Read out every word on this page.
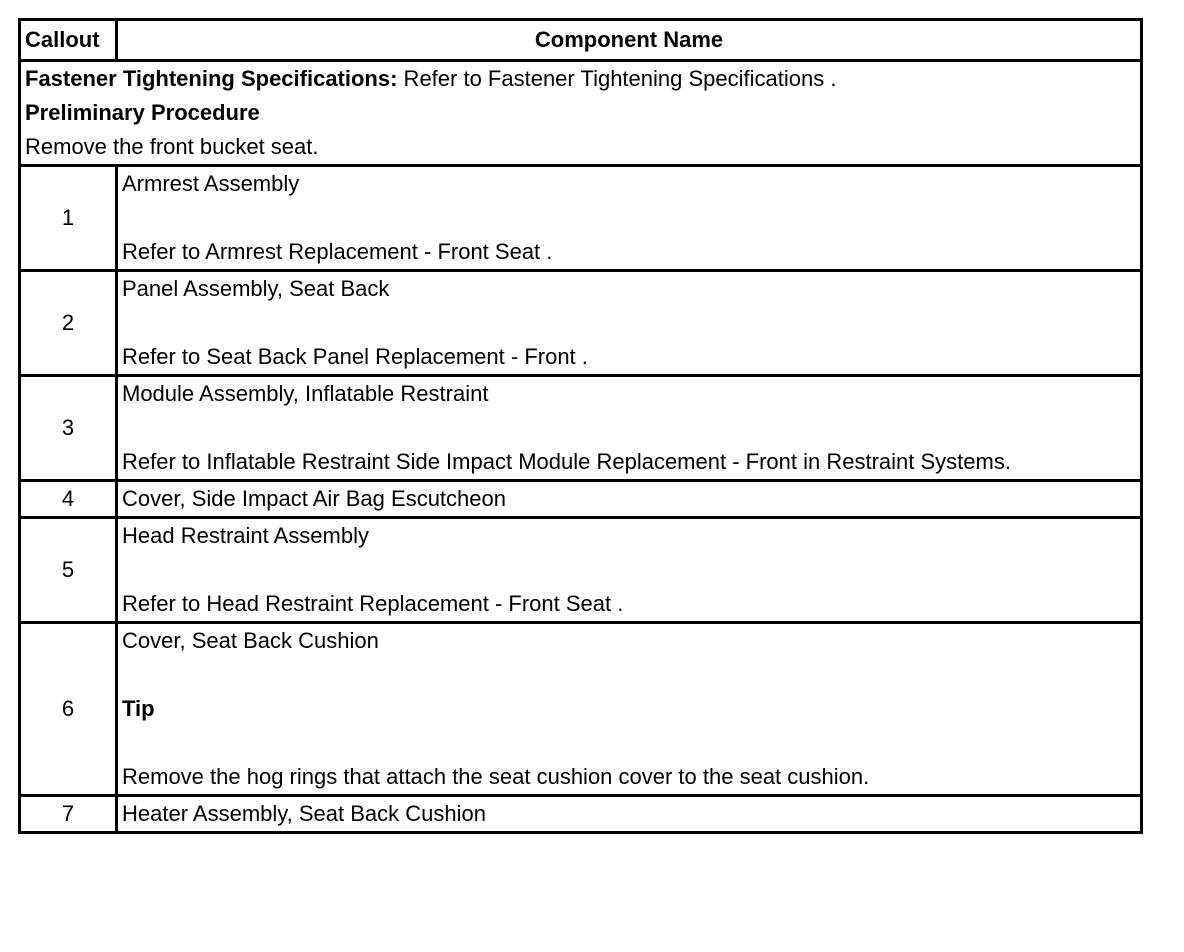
Callout	Component Name

Fastener Tightening Specifications: Refer to Fastener Tightening Specifications .
Preliminary Procedure
Remove the front bucket seat.	

1	Armrest Assembly
Refer to Armrest Replacement - Front Seat .

2	Panel Assembly, Seat Back
Refer to Seat Back Panel Replacement - Front .

3	Module Assembly, Inflatable Restraint
Refer to Inflatable Restraint Side Impact Module Replacement - Front in Restraint Systems.

4	Cover, Side Impact Air Bag Escutcheon

5	Head Restraint Assembly
Refer to Head Restraint Replacement - Front Seat .

6	Cover, Seat Back Cushion
Tip
Remove the hog rings that attach the seat cushion cover to the seat cushion.

7	Heater Assembly, Seat Back Cushion
